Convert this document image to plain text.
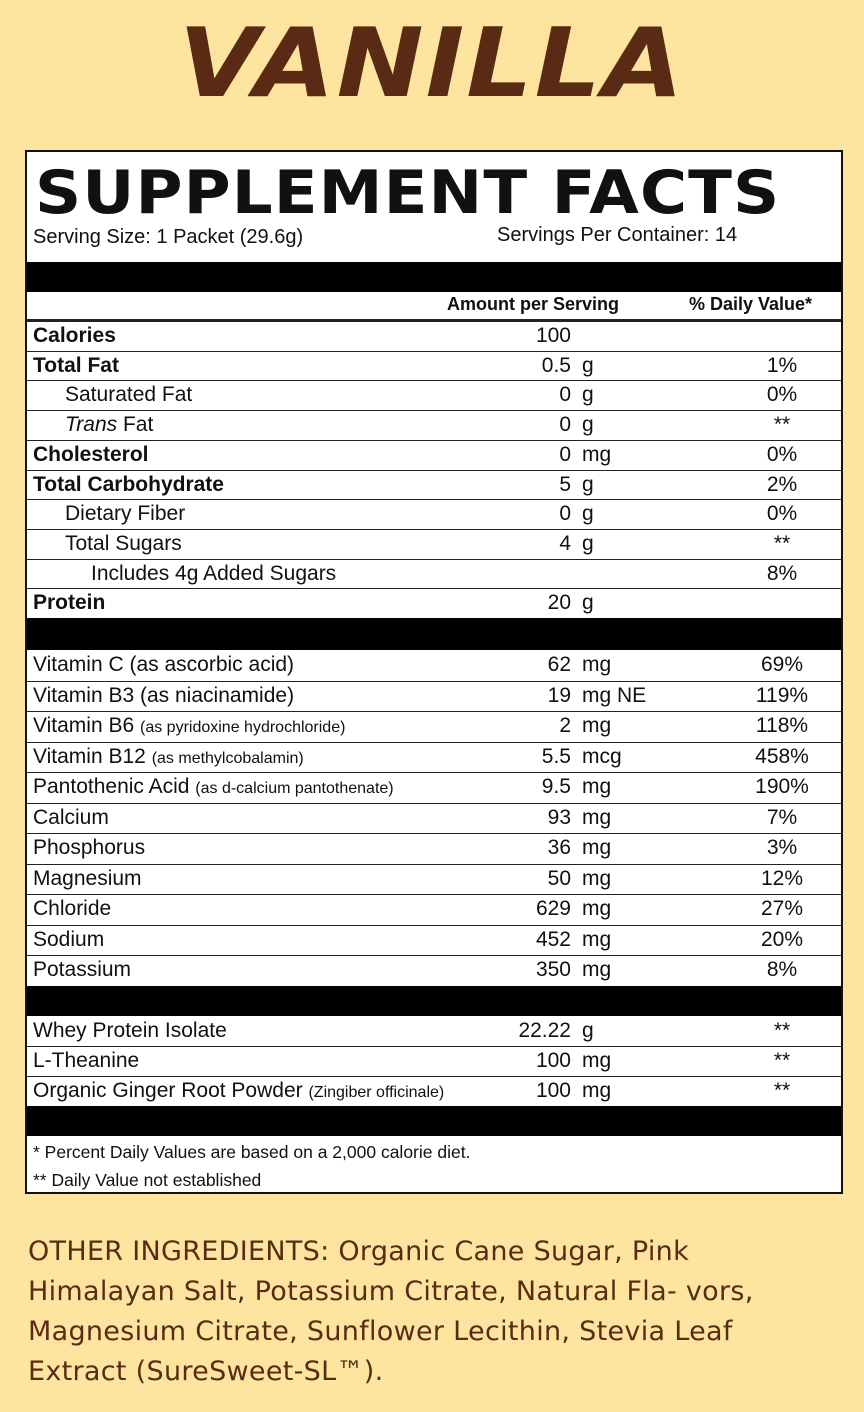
VANILLA
SUPPLEMENT FACTS
Serving Size: 1 Packet (29.6g)	Servings Per Container: 14
Amount per Serving	% Daily Value*
Calories	100
Total Fat	0.5 g	1%
Saturated Fat	0 g	0%
Trans Fat	0 g	**
Cholesterol	0 mg	0%
Total Carbohydrate	5 g	2%
Dietary Fiber	0 g	0%
Total Sugars	4 g	**
Includes 4g Added Sugars	8%
Protein	20 g
Vitamin C (as ascorbic acid)	62 mg	69%
Vitamin B3 (as niacinamide)	19 mg NE	119%
Vitamin B6 (as pyridoxine hydrochloride)	2 mg	118%
Vitamin B12 (as methylcobalamin)	5.5 mcg	458%
Pantothenic Acid (as d-calcium pantothenate)	9.5 mg	190%
Calcium	93 mg	7%
Phosphorus	36 mg	3%
Magnesium	50 mg	12%
Chloride	629 mg	27%
Sodium	452 mg	20%
Potassium	350 mg	8%
Whey Protein Isolate	22.22 g	**
L-Theanine	100 mg	**
Organic Ginger Root Powder (Zingiber officinale)	100 mg	**
* Percent Daily Values are based on a 2,000 calorie diet.
** Daily Value not established
OTHER INGREDIENTS: Organic Cane Sugar, Pink Himalayan Salt, Potassium Citrate, Natural Fla- vors, Magnesium Citrate, Sunflower Lecithin, Stevia Leaf Extract (SureSweet-SL™).
